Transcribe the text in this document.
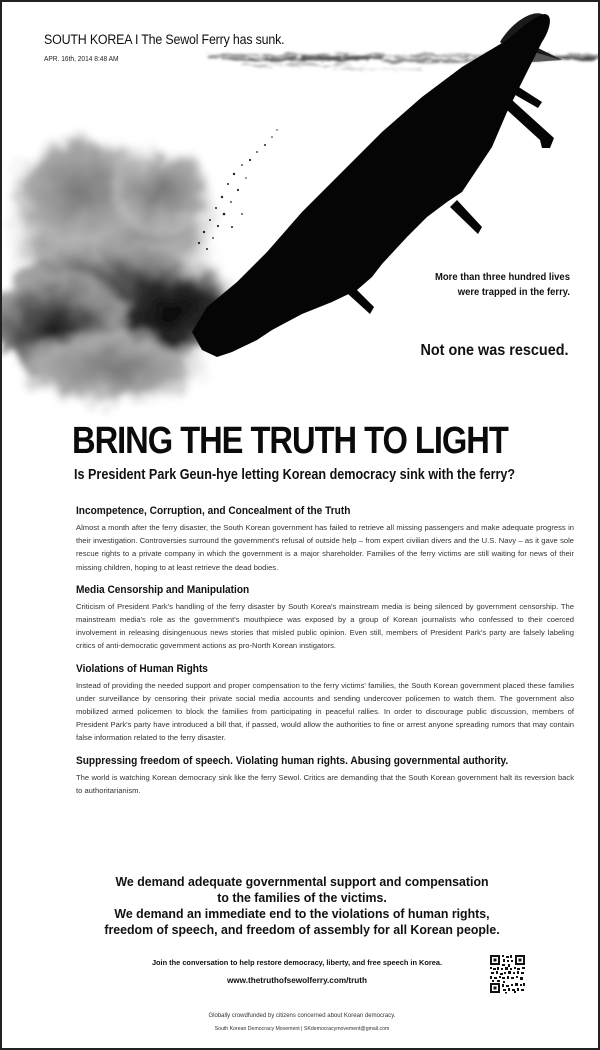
SOUTH KOREA I The Sewol Ferry has sunk.
APR. 16th, 2014 8:48 AM
More than three hundred lives
were trapped in the ferry.
Not one was rescued.
BRING THE TRUTH TO LIGHT
Is President Park Geun-hye letting Korean democracy sink with the ferry?
Incompetence, Corruption, and Concealment of the Truth

Almost a month after the ferry disaster, the South Korean government has failed to retrieve all missing passengers and make adequate progress in their investigation. Controversies surround the government's refusal of outside help – from expert civilian divers and the U.S. Navy – as it gave sole rescue rights to a private company in which the government is a major shareholder. Families of the ferry victims are still waiting for news of their missing children, hoping to at least retrieve the dead bodies.

Media Censorship and Manipulation

Criticism of President Park's handling of the ferry disaster by South Korea's mainstream media is being silenced by government censorship. The mainstream media's role as the government's mouthpiece was exposed by a group of Korean journalists who confessed to their coerced involvement in releasing disingenuous news stories that misled public opinion. Even still, members of President Park's party are falsely labeling critics of anti-democratic government actions as pro-North Korean instigators.

Violations of Human Rights

Instead of providing the needed support and proper compensation to the ferry victims' families, the South Korean government placed these families under surveillance by censoring their private social media accounts and sending undercover policemen to watch them. The government also mobilized armed policemen to block the families from participating in peaceful rallies. In order to discourage public discussion, members of President Park's party have introduced a bill that, if passed, would allow the authorities to fine or arrest anyone spreading rumors that may contain false information related to the ferry disaster.

Suppressing freedom of speech. Violating human rights. Abusing governmental authority.

The world is watching Korean democracy sink like the ferry Sewol. Critics are demanding that the South Korean government halt its reversion back to authoritarianism.

We demand adequate governmental support and compensation
to the families of the victims.
We demand an immediate end to the violations of human rights,
freedom of speech, and freedom of assembly for all Korean people.
Join the conversation to help restore democracy, liberty, and free speech in Korea.
www.thetruthofsewolferry.com/truth
Globally crowdfunded by citizens concerned about Korean democracy.
South Korean Democracy Movement | SKdemocracymovement@gmail.com
